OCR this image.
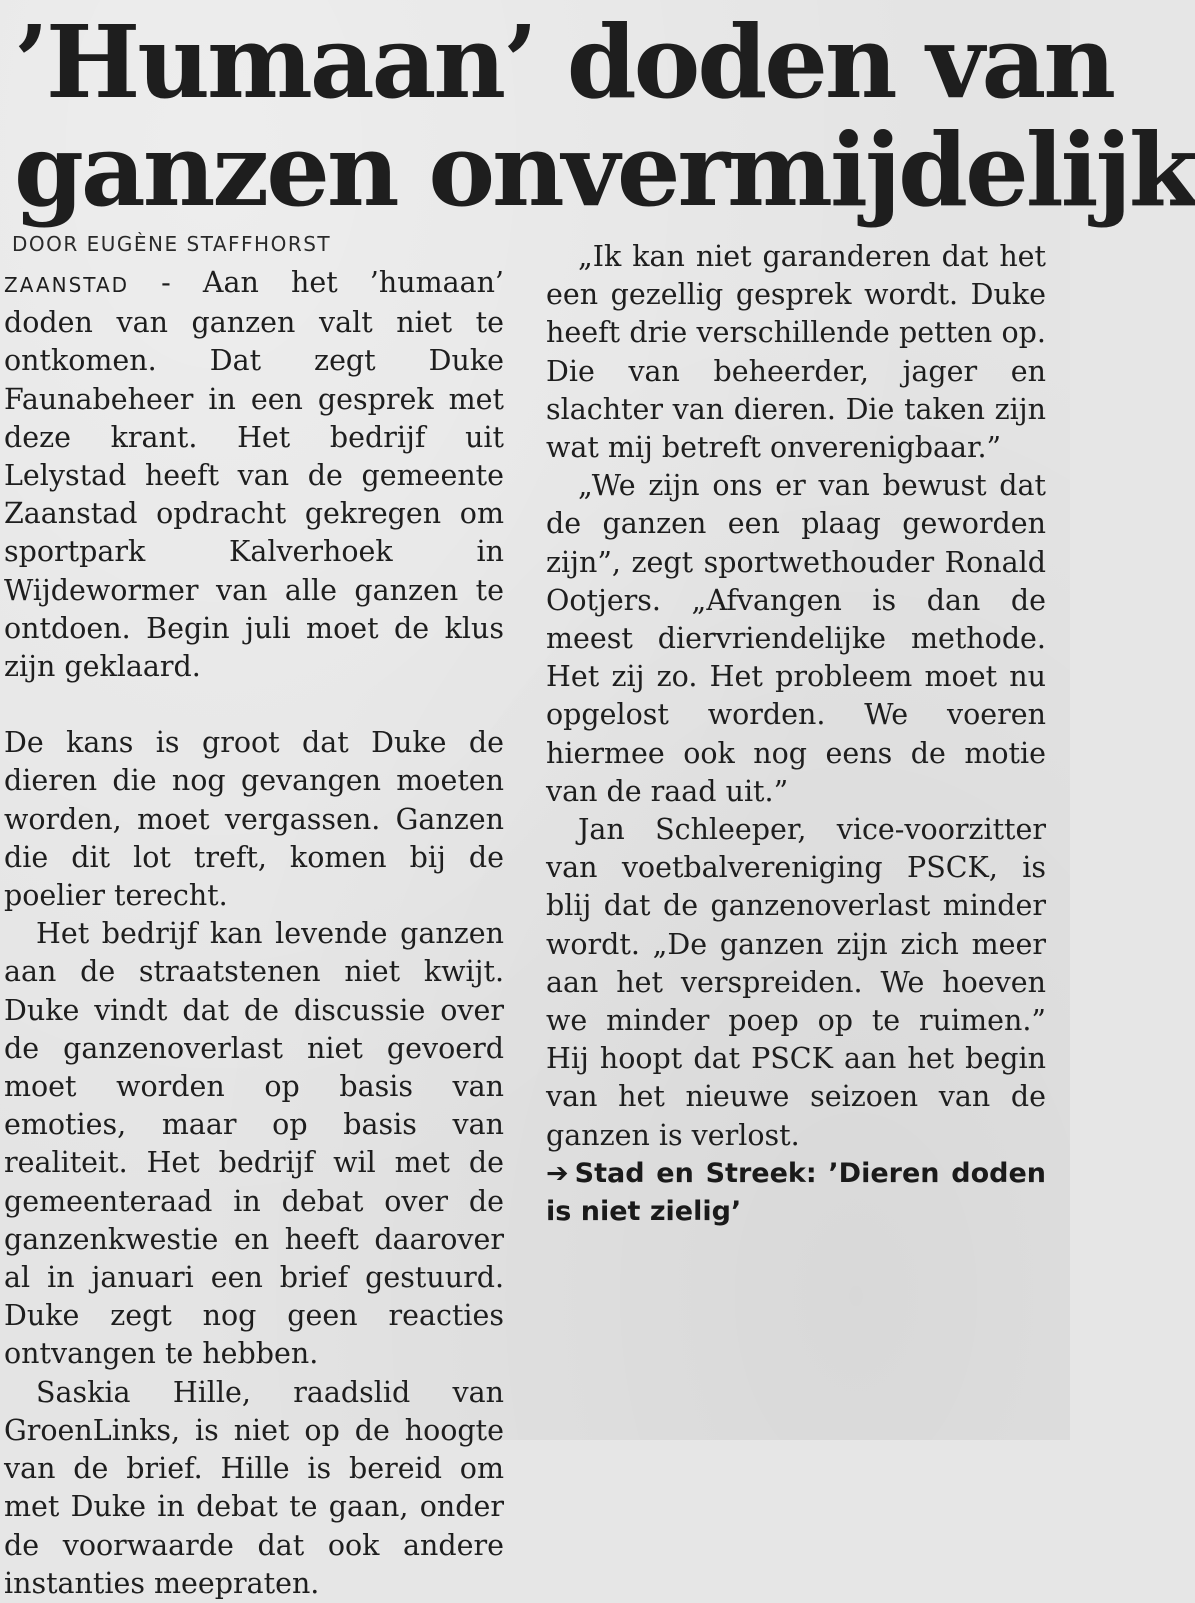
’Humaan’ doden van
ganzen onvermijdelijk
DOOR EUGÈNE STAFFHORST

ZAANSTAD - Aan het ’humaan’ doden van ganzen valt niet te ontkomen. Dat zegt Duke Faunabeheer in een gesprek met deze krant. Het bedrijf uit Lelystad heeft van de gemeente Zaanstad opdracht gekregen om sportpark Kalverhoek in Wijdewormer van alle ganzen te ontdoen. Begin juli moet de klus zijn geklaard.

De kans is groot dat Duke de dieren die nog gevangen moeten worden, moet vergassen. Ganzen die dit lot treft, komen bij de poelier terecht.

Het bedrijf kan levende ganzen aan de straatstenen niet kwijt. Duke vindt dat de discussie over de ganzenoverlast niet gevoerd moet worden op basis van emoties, maar op basis van realiteit. Het bedrijf wil met de gemeenteraad in debat over de ganzenkwestie en heeft daarover al in januari een brief gestuurd. Duke zegt nog geen reacties ontvangen te hebben.

Saskia Hille, raadslid van GroenLinks, is niet op de hoogte van de brief. Hille is bereid om met Duke in debat te gaan, onder de voorwaarde dat ook andere instanties meepraten.

„Ik kan niet garanderen dat het een gezellig gesprek wordt. Duke heeft drie verschillende petten op. Die van beheerder, jager en slachter van dieren. Die taken zijn wat mij betreft onverenigbaar.”

„We zijn ons er van bewust dat de ganzen een plaag geworden zijn”, zegt sportwethouder Ronald Ootjers. „Afvangen is dan de meest diervriendelijke methode. Het zij zo. Het probleem moet nu opgelost worden. We voeren hiermee ook nog eens de motie van de raad uit.”

Jan Schleeper, vice-voorzitter van voetbalvereniging PSCK, is blij dat de ganzenoverlast minder wordt. „De ganzen zijn zich meer aan het verspreiden. We hoeven we minder poep op te ruimen.” Hij hoopt dat PSCK aan het begin van het nieuwe seizoen van de ganzen is verlost.

➔ Stad en Streek: ’Dieren doden is niet zielig’
